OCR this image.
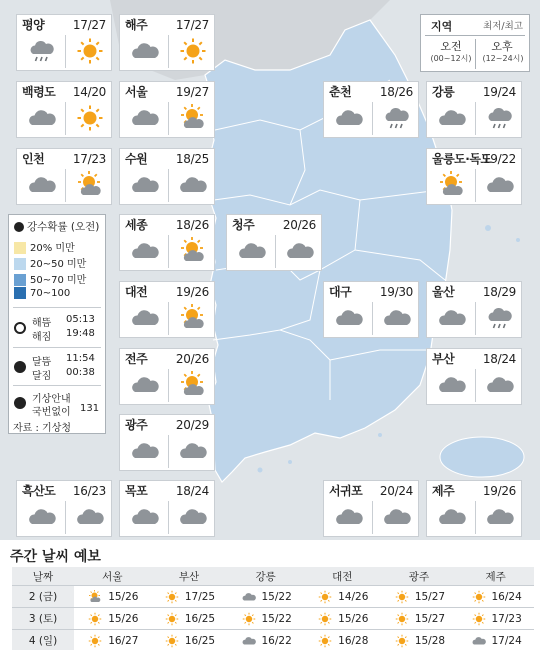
지역	최저/최고
오전
(00~12시)
오후
(12~24시)
평양 17/27 해주 17/27
백령도 14/20 서울 19/27	춘천 18/26 강릉 19/24
인천 17/23 수원 18/25	울릉도·독도
19/22
세종 18/26 청주 20/26
대전 19/26	대구 19/30 울산 18/29
전주 20/26	부산 18/24
광주 20/29
흑산도 16/23 목포 18/24	서귀포 20/24 제주 19/26
강수확률 (오전)
20% 미만
20~50 미만
50~70 미만
70~100
해뜸 05:13
해짐 19:48
달뜸 11:54
달짐 00:38
기상안내
국번없이 131
자료 : 기상청
주간 날씨 예보
날짜	서울	부산	강릉	대전	광주	제주
2 (금)	15/26	17/25	15/22	14/26	15/27	16/24
3 (토)	15/26	16/25	15/22	15/26	15/27	17/23
4 (일)	16/27	16/25	16/22	16/28	15/28	17/24
